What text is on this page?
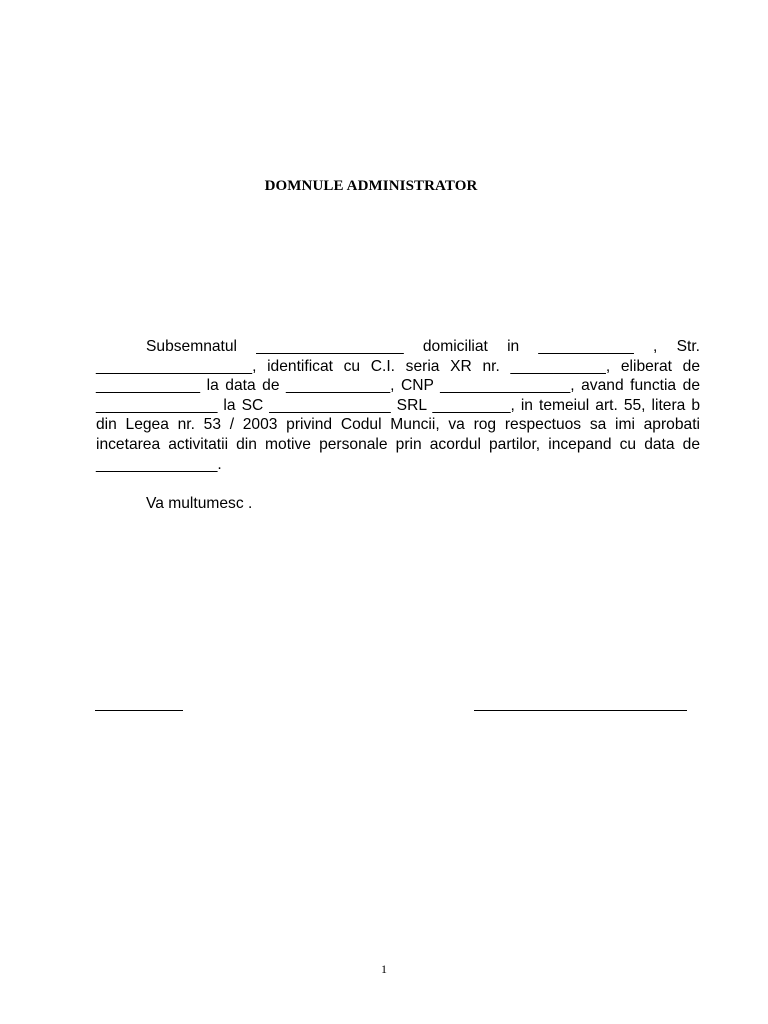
DOMNULE ADMINISTRATOR

Subsemnatul _________________ domiciliat in ___________ , Str. __________________, identificat cu C.I. seria XR nr. ___________, eliberat de ____________ la data de ____________, CNP _______________, avand functia de ______________ la SC ______________ SRL _________, in temeiul art. 55, litera b din Legea nr. 53 / 2003 privind Codul Muncii, va rog respectuos sa imi aprobati incetarea activitatii din motive personale prin acordul partilor, incepand cu data de ______________.

Va multumesc .
1
